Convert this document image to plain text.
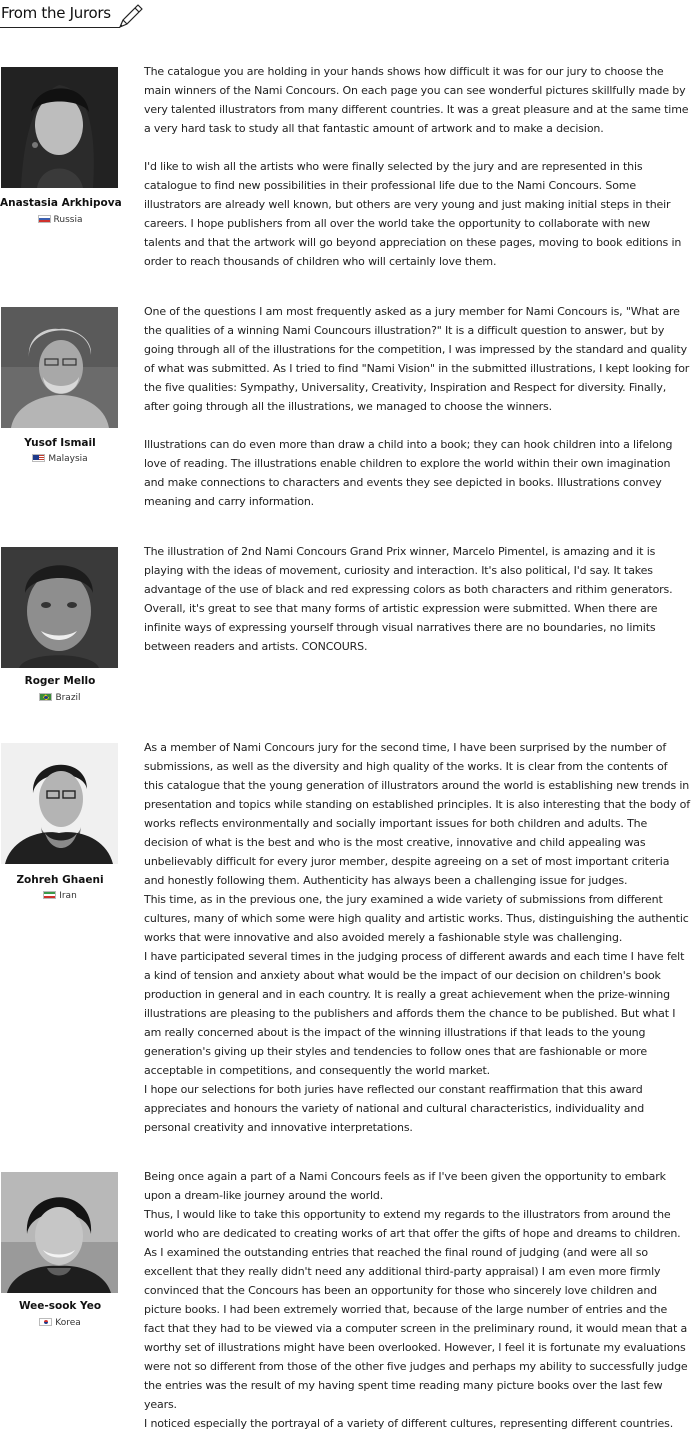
From the Jurors
Anastasia Arkhipova
Russia

The catalogue you are holding in your hands shows how difficult it was for our jury to choose the main winners of the Nami Concours. On each page you can see wonderful pictures skillfully made by very talented illustrators from many different countries. It was a great pleasure and at the same time a very hard task to study all that fantastic amount of artwork and to make a decision.

I'd like to wish all the artists who were finally selected by the jury and are represented in this catalogue to find new possibilities in their professional life due to the Nami Concours. Some illustrators are already well known, but others are very young and just making initial steps in their careers. I hope publishers from all over the world take the opportunity to collaborate with new talents and that the artwork will go beyond appreciation on these pages, moving to book editions in order to reach thousands of children who will certainly love them.

Yusof Ismail
Malaysia

One of the questions I am most frequently asked as a jury member for Nami Concours is, "What are the qualities of a winning Nami Councours illustration?" It is a difficult question to answer, but by going through all of the illustrations for the competition, I was impressed by the standard and quality of what was submitted. As I tried to find "Nami Vision" in the submitted illustrations, I kept looking for the five qualities: Sympathy, Universality, Creativity, Inspiration and Respect for diversity. Finally, after going through all the illustrations, we managed to choose the winners.

Illustrations can do even more than draw a child into a book; they can hook children into a lifelong love of reading. The illustrations enable children to explore the world within their own imagination and make connections to characters and events they see depicted in books. Illustrations convey meaning and carry information.

Roger Mello
Brazil

The illustration of 2nd Nami Concours Grand Prix winner, Marcelo Pimentel, is amazing and it is playing with the ideas of movement, curiosity and interaction. It's also political, I'd say. It takes advantage of the use of black and red expressing colors as both characters and rithim generators. Overall, it's great to see that many forms of artistic expression were submitted. When there are infinite ways of expressing yourself through visual narratives there are no boundaries, no limits between readers and artists. CONCOURS.

Zohreh Ghaeni
Iran

As a member of Nami Concours jury for the second time, I have been surprised by the number of submissions, as well as the diversity and high quality of the works. It is clear from the contents of this catalogue that the young generation of illustrators around the world is establishing new trends in presentation and topics while standing on established principles. It is also interesting that the body of works reflects environmentally and socially important issues for both children and adults. The decision of what is the best and who is the most creative, innovative and child appealing was unbelievably difficult for every juror member, despite agreeing on a set of most important criteria and honestly following them. Authenticity has always been a challenging issue for judges.

This time, as in the previous one, the jury examined a wide variety of submissions from different cultures, many of which some were high quality and artistic works. Thus, distinguishing the authentic works that were innovative and also avoided merely a fashionable style was challenging.

I have participated several times in the judging process of different awards and each time I have felt a kind of tension and anxiety about what would be the impact of our decision on children's book production in general and in each country. It is really a great achievement when the prize-winning illustrations are pleasing to the publishers and affords them the chance to be published. But what I am really concerned about is the impact of the winning illustrations if that leads to the young generation's giving up their styles and tendencies to follow ones that are fashionable or more acceptable in competitions, and consequently the world market.

I hope our selections for both juries have reflected our constant reaffirmation that this award appreciates and honours the variety of national and cultural characteristics, individuality and personal creativity and innovative interpretations.

Wee-sook Yeo
Korea

Being once again a part of a Nami Concours feels as if I've been given the opportunity to embark upon a dream-like journey around the world.

Thus, I would like to take this opportunity to extend my regards to the illustrators from around the world who are dedicated to creating works of art that offer the gifts of hope and dreams to children.

As I examined the outstanding entries that reached the final round of judging (and were all so excellent that they really didn't need any additional third-party appraisal) I am even more firmly convinced that the Concours has been an opportunity for those who sincerely love children and picture books. I had been extremely worried that, because of the large number of entries and the fact that they had to be viewed via a computer screen in the preliminary round, it would mean that a worthy set of illustrations might have been overlooked. However, I feel it is fortunate my evaluations were not so different from those of the other five judges and perhaps my ability to successfully judge the entries was the result of my having spent time reading many picture books over the last few years.

I noticed especially the portrayal of a variety of different cultures, representing different countries.
